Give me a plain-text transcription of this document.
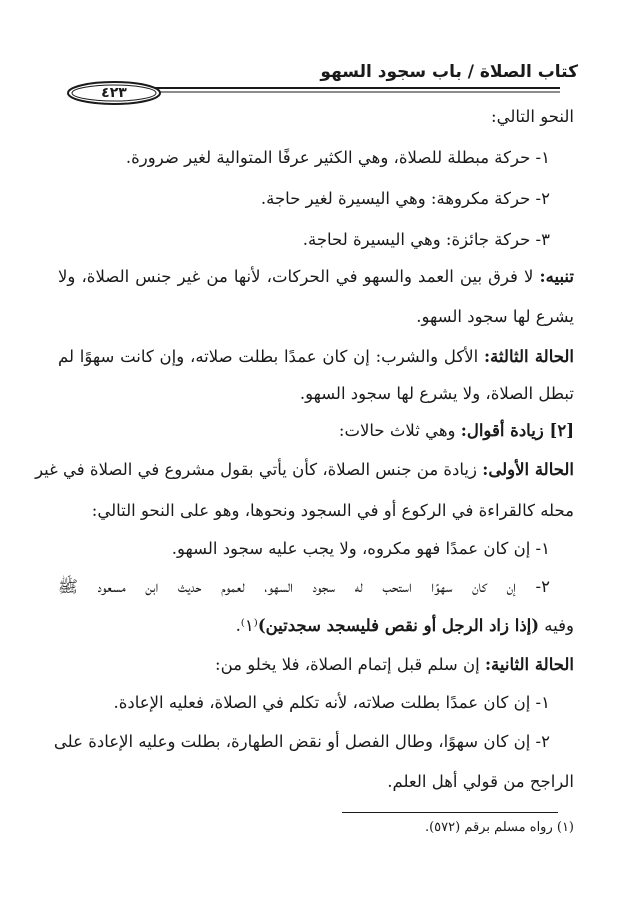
كتاب الصلاة / باب سجود السهو
٤٢٣
النحو التالي:
١- حركة مبطلة للصلاة، وهي الكثير عرفًا المتوالية لغير ضرورة.
٢- حركة مكروهة: وهي اليسيرة لغير حاجة.
٣- حركة جائزة: وهي اليسيرة لحاجة.
تنبيه: لا فرق بين العمد والسهو في الحركات، لأنها من غير جنس الصلاة، ولا
يشرع لها سجود السهو.
الحالة الثالثة: الأكل والشرب: إن كان عمدًا بطلت صلاته، وإن كانت سهوًا لم
تبطل الصلاة، ولا يشرع لها سجود السهو.
[٢] زيادة أقوال: وهي ثلاث حالات:
الحالة الأولى: زيادة من جنس الصلاة، كأن يأتي بقول مشروع في الصلاة في غير
محله كالقراءة في الركوع أو في السجود ونحوها، وهو على النحو التالي:
١- إن كان عمدًا فهو مكروه، ولا يجب عليه سجود السهو.
٢- إن كان سهوًا استحب له سجود السهو، لعموم حديث ابن مسعود ﷺ
وفيه (إذا زاد الرجل أو نقص فليسجد سجدتين)⁽١⁾.
الحالة الثانية: إن سلم قبل إتمام الصلاة، فلا يخلو من:
١- إن كان عمدًا بطلت صلاته، لأنه تكلم في الصلاة، فعليه الإعادة.
٢- إن كان سهوًا، وطال الفصل أو نقض الطهارة، بطلت وعليه الإعادة على
الراجح من قولي أهل العلم.
(١) رواه مسلم برقم (٥٧٢).
